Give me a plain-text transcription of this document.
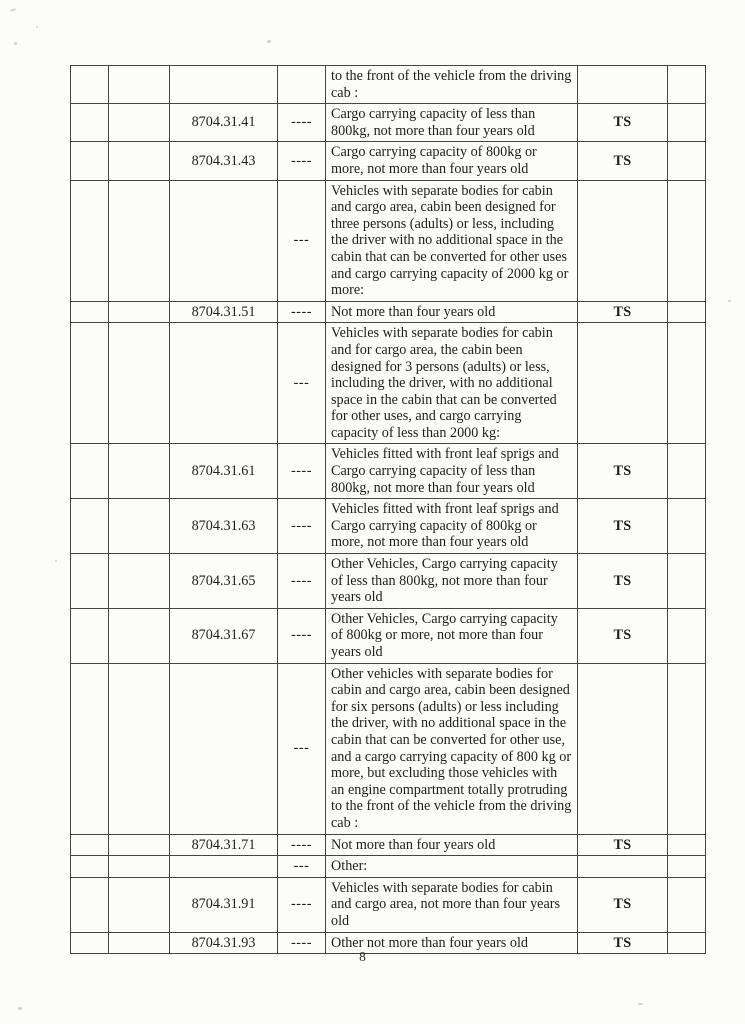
				to the front of the vehicle from the driving cab :		
		8704.31.41	----	Cargo carrying capacity of less than 800kg, not more than four years old	TS	
		8704.31.43	----	Cargo carrying capacity of 800kg or more, not more than four years old	TS	
			---	Vehicles with separate bodies for cabin and cargo area, cabin been designed for three persons (adults) or less, including the driver with no additional space in the cabin that can be converted for other uses and cargo carrying capacity of 2000 kg or more:		
		8704.31.51	----	Not more than four years old	TS	
			---	Vehicles with separate bodies for cabin and for cargo area, the cabin been designed for 3 persons (adults) or less, including the driver, with no additional space in the cabin that can be converted for other uses, and cargo carrying capacity of less than 2000 kg:		
		8704.31.61	----	Vehicles fitted with front leaf sprigs and Cargo carrying capacity of less than 800kg, not more than four years old	TS	
		8704.31.63	----	Vehicles fitted with front leaf sprigs and Cargo carrying capacity of 800kg or more, not more than four years old	TS	
		8704.31.65	----	Other Vehicles, Cargo carrying capacity of less than 800kg, not more than four years old	TS	
		8704.31.67	----	Other Vehicles, Cargo carrying capacity of 800kg or more, not more than four years old	TS	
			---	Other vehicles with separate bodies for cabin and cargo area, cabin been designed for six persons (adults) or less including the driver, with no additional space in the cabin that can be converted for other use, and a cargo carrying capacity of 800 kg or more, but excluding those vehicles with an engine compartment totally protruding to the front of the vehicle from the driving cab :		
		8704.31.71	----	Not more than four years old	TS	
			---	Other:		
		8704.31.91	----	Vehicles with separate bodies for cabin and cargo area, not more than four years old	TS	
		8704.31.93	----	Other not more than four years old	TS	
8
